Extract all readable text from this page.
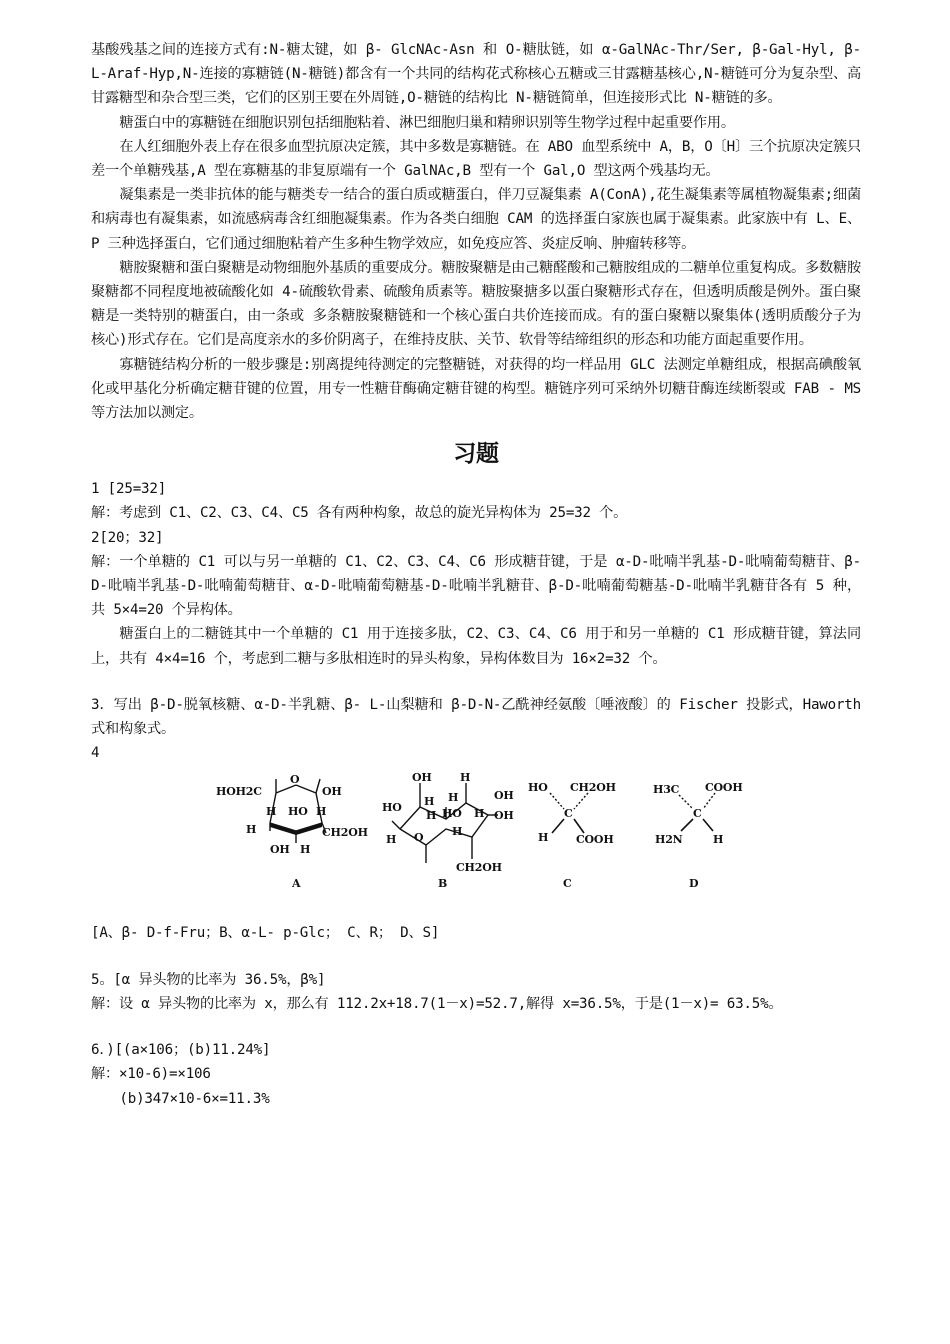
基酸残基之间的连接方式有:N-糖太键，如 β- GlcNAc-Asn 和 O-糖肽链，如 α-GalNAc-Thr/Ser, β-Gal-Hyl, β-L-Araf-Hyp,N-连接的寡糖链(N-糖链)都含有一个共同的结构花式称核心五糖或三甘露糖基核心,N-糖链可分为复杂型、高甘露糖型和杂合型三类，它们的区别王要在外周链,O-糖链的结构比 N-糖链简单，但连接形式比 N-糖链的多。

糖蛋白中的寡糖链在细胞识别包括细胞粘着、淋巴细胞归巢和精卵识别等生物学过程中起重要作用。

在人红细胞外表上存在很多血型抗原决定簇，其中多数是寡糖链。在 ABO 血型系统中 A，B，O〔H〕三个抗原决定簇只差一个单糖残基,A 型在寡糖基的非复原端有一个 GalNAc,B 型有一个 Gal,O 型这两个残基均无。

凝集素是一类非抗体的能与糖类专一结合的蛋白质或糖蛋白，伴刀豆凝集素 A(ConA),花生凝集素等属植物凝集素;细菌和病毒也有凝集素，如流感病毒含红细胞凝集素。作为各类白细胞 CAM 的选择蛋白家族也属于凝集素。此家族中有 L、E、P 三种选择蛋白，它们通过细胞粘着产生多种生物学效应，如免疫应答、炎症反响、肿瘤转移等。

糖胺聚糖和蛋白聚糖是动物细胞外基质的重要成分。糖胺聚糖是由己糖醛酸和己糖胺组成的二糖单位重复构成。多数糖胺聚糖都不同程度地被硫酸化如 4-硫酸软骨素、硫酸角质素等。糖胺聚搪多以蛋白聚糖形式存在，但透明质酸是例外。蛋白聚糖是一类特别的糖蛋白，由一条或 多条糖胺聚糖链和一个核心蛋白共价连接而成。有的蛋白聚糖以聚集体(透明质酸分子为核心)形式存在。它们是高度亲水的多价阴离子，在维持皮肤、关节、软骨等结缔组织的形态和功能方面起重要作用。

寡糖链结构分析的一般步骤是:别离提纯待测定的完整糖链，对获得的均一样品用 GLC 法测定单糖组成，根据高碘酸氧化或甲基化分析确定糖苷键的位置，用专一性糖苷酶确定糖苷键的构型。糖链序列可采纳外切糖苷酶连续断裂或 FAB - MS 等方法加以测定。

习题

1 [25=32]

解：考虑到 C1、C2、C3、C4、C5 各有两种构象，故总的旋光异构体为 25=32 个。

2[20；32]

解：一个单糖的 C1 可以与另一单糖的 C1、C2、C3、C4、C6 形成糖苷键，于是 α-D-吡喃半乳基-D-吡喃葡萄糖苷、β-D-吡喃半乳基-D-吡喃葡萄糖苷、α-D-吡喃葡萄糖基-D-吡喃半乳糖苷、β-D-吡喃葡萄糖基-D-吡喃半乳糖苷各有 5 种，共 5×4=20 个异构体。

糖蛋白上的二糖链其中一个单糖的 C1 用于连接多肽，C2、C3、C4、C6 用于和另一单糖的 C1 形成糖苷键，算法同上，共有 4×4=16 个，考虑到二糖与多肽相连时的异头构象，异构体数目为 16×2=32 个。

3．写出 β-D-脱氧核糖、α-D-半乳糖、β- L-山梨糖和 β-D-N-乙酰神经氨酸〔唾液酸〕的 Fischer 投影式，Haworth 式和构象式。

4

HOH2C
O
OH
H HO H
H	CH2OH
OH H
A
OH	H
HO H H	OH
H HO H OH
H
O
H
CH2OH
B
HO CH2OH
C
H	COOH
C
H3C COOH
C
H2N	H
D

[A、β- D-f-Fru；B、α-L- p-Glc； C、R； D、S]

5。[α 异头物的比率为 36.5%，β%]

解：设 α 异头物的比率为 x，那么有 112.2x+18.7(1－x)=52.7,解得 x=36.5%，于是(1－x)= 63.5%。

6．)[(a×106；(b)11.24%]

解：×10-6)=×106

(b)347×10-6×=11.3%
